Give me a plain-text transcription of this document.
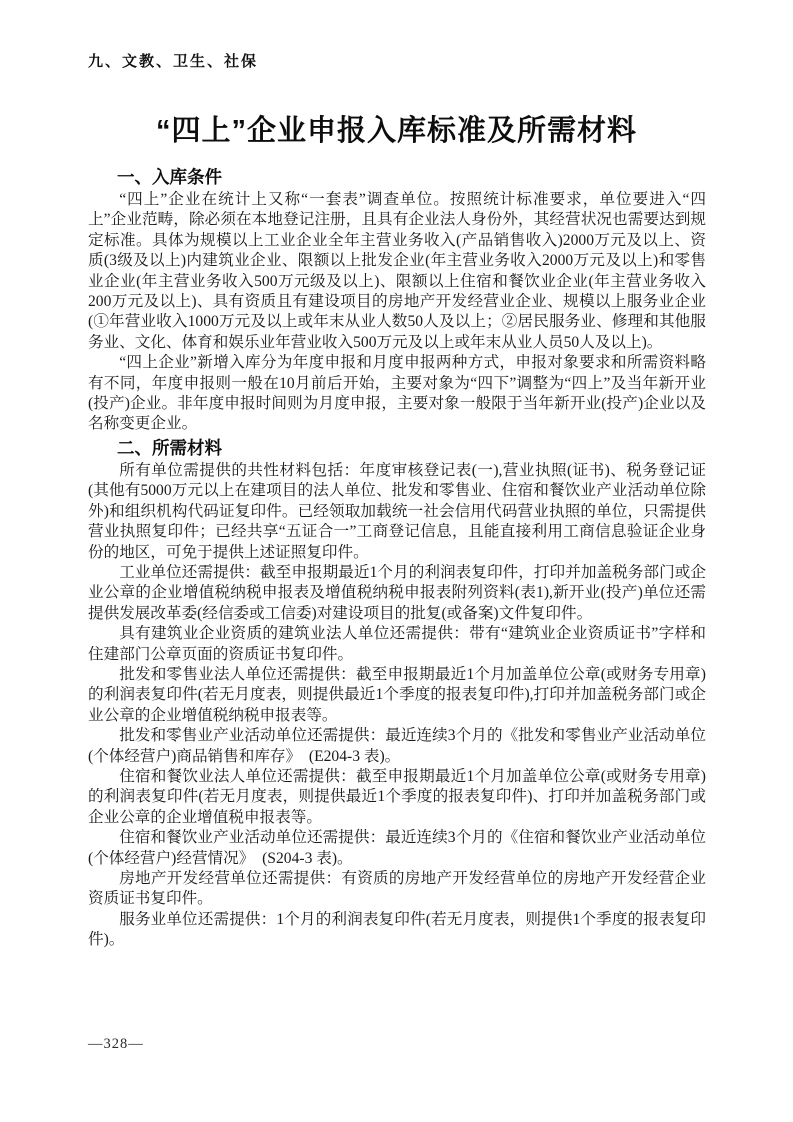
九、文教、卫生、社保
“四上”企业申报入库标准及所需材料
一、入库条件

“四上”企业在统计上又称“一套表”调查单位。按照统计标准要求，单位要进入“四上”企业范畴，除必须在本地登记注册，且具有企业法人身份外，其经营状况也需要达到规定标准。具体为规模以上工业企业全年主营业务收入(产品销售收入)2000万元及以上、资质(3级及以上)内建筑业企业、限额以上批发企业(年主营业务收入2000万元及以上)和零售业企业(年主营业务收入500万元级及以上)、限额以上住宿和餐饮业企业(年主营业务收入200万元及以上)、具有资质且有建设项目的房地产开发经营业企业、规模以上服务业企业(①年营业收入1000万元及以上或年末从业人数50人及以上；②居民服务业、修理和其他服务业、文化、体育和娱乐业年营业收入500万元及以上或年末从业人员50人及以上)。

“四上企业”新增入库分为年度申报和月度申报两种方式，申报对象要求和所需资料略有不同，年度申报则一般在10月前后开始，主要对象为“四下”调整为“四上”及当年新开业(投产)企业。非年度申报时间则为月度申报，主要对象一般限于当年新开业(投产)企业以及名称变更企业。

二、所需材料

所有单位需提供的共性材料包括：年度审核登记表(一),营业执照(证书)、税务登记证(其他有5000万元以上在建项目的法人单位、批发和零售业、住宿和餐饮业产业活动单位除外)和组织机构代码证复印件。已经领取加载统一社会信用代码营业执照的单位，只需提供营业执照复印件；已经共享“五证合一”工商登记信息，且能直接利用工商信息验证企业身份的地区，可免于提供上述证照复印件。

工业单位还需提供：截至申报期最近1个月的利润表复印件，打印并加盖税务部门或企业公章的企业增值税纳税申报表及增值税纳税申报表附列资料(表1),新开业(投产)单位还需提供发展改革委(经信委或工信委)对建设项目的批复(或备案)文件复印件。

具有建筑业企业资质的建筑业法人单位还需提供：带有“建筑业企业资质证书”字样和住建部门公章页面的资质证书复印件。

批发和零售业法人单位还需提供：截至申报期最近1个月加盖单位公章(或财务专用章)的利润表复印件(若无月度表，则提供最近1个季度的报表复印件),打印并加盖税务部门或企业公章的企业增值税纳税申报表等。

批发和零售业产业活动单位还需提供：最近连续3个月的《批发和零售业产业活动单位(个体经营户)商品销售和库存》　(E204-3 表)。

住宿和餐饮业法人单位还需提供：截至申报期最近1个月加盖单位公章(或财务专用章)的利润表复印件(若无月度表，则提供最近1个季度的报表复印件)、打印并加盖税务部门或企业公章的企业增值税申报表等。

住宿和餐饮业产业活动单位还需提供：最近连续3个月的《住宿和餐饮业产业活动单位(个体经营户)经营情况》　(S204-3 表)。

房地产开发经营单位还需提供：有资质的房地产开发经营单位的房地产开发经营企业资质证书复印件。

服务业单位还需提供：1个月的利润表复印件(若无月度表，则提供1个季度的报表复印件)。

—328—
